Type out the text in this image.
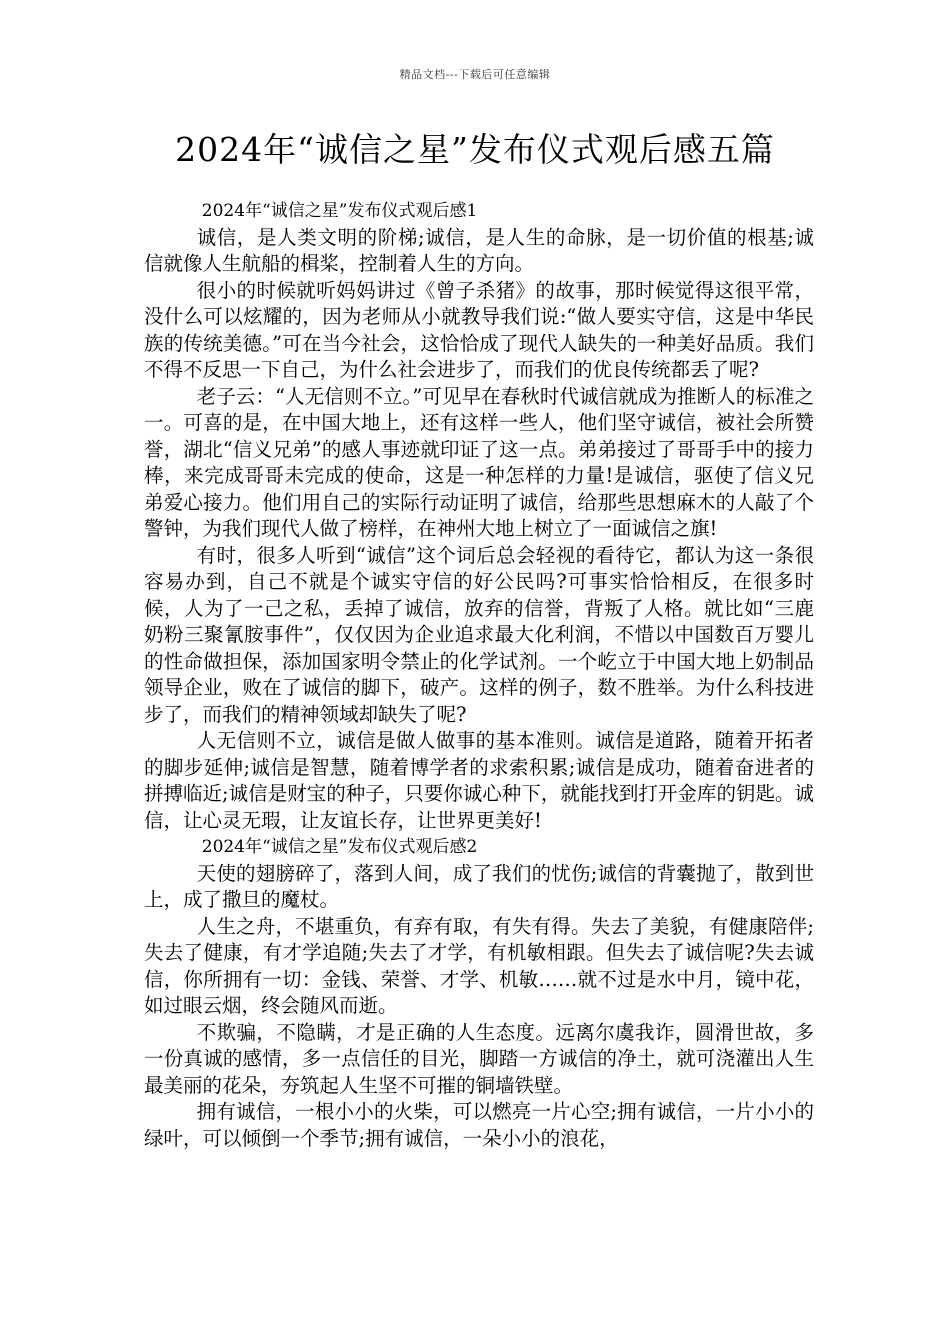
精品文档---下载后可任意编辑
2024年“诚信之星”发布仪式观后感五篇

2024年“诚信之星”发布仪式观后感1

诚信，是人类文明的阶梯;诚信，是人生的命脉，是一切价值的根基;诚信就像人生航船的楫桨，控制着人生的方向。

很小的时候就听妈妈讲过《曾子杀猪》的故事，那时候觉得这很平常，没什么可以炫耀的，因为老师从小就教导我们说:“做人要实守信，这是中华民族的传统美德。”可在当今社会，这恰恰成了现代人缺失的一种美好品质。我们不得不反思一下自己，为什么社会进步了，而我们的优良传统都丢了呢?

老子云：“人无信则不立。”可见早在春秋时代诚信就成为推断人的标准之一。可喜的是，在中国大地上，还有这样一些人，他们坚守诚信，被社会所赞誉，湖北“信义兄弟”的感人事迹就印证了这一点。弟弟接过了哥哥手中的接力棒，来完成哥哥未完成的使命，这是一种怎样的力量!是诚信，驱使了信义兄弟爱心接力。他们用自己的实际行动证明了诚信，给那些思想麻木的人敲了个警钟，为我们现代人做了榜样，在神州大地上树立了一面诚信之旗!

有时，很多人听到“诚信”这个词后总会轻视的看待它，都认为这一条很容易办到，自己不就是个诚实守信的好公民吗?可事实恰恰相反，在很多时候，人为了一己之私，丢掉了诚信，放弃的信誉，背叛了人格。就比如“三鹿奶粉三聚氰胺事件”，仅仅因为企业追求最大化利润，不惜以中国数百万婴儿的性命做担保，添加国家明令禁止的化学试剂。一个屹立于中国大地上奶制品领导企业，败在了诚信的脚下，破产。这样的例子，数不胜举。为什么科技进步了，而我们的精神领域却缺失了呢?

人无信则不立，诚信是做人做事的基本准则。诚信是道路，随着开拓者的脚步延伸;诚信是智慧，随着博学者的求索积累;诚信是成功，随着奋进者的拼搏临近;诚信是财宝的种子，只要你诚心种下，就能找到打开金库的钥匙。诚信，让心灵无瑕，让友谊长存，让世界更美好!

2024年“诚信之星”发布仪式观后感2

天使的翅膀碎了，落到人间，成了我们的忧伤;诚信的背囊抛了，散到世上，成了撒旦的魔杖。

人生之舟，不堪重负，有弃有取，有失有得。失去了美貌，有健康陪伴;失去了健康，有才学追随;失去了才学，有机敏相跟。但失去了诚信呢?失去诚信，你所拥有一切：金钱、荣誉、才学、机敏……就不过是水中月，镜中花，如过眼云烟，终会随风而逝。

不欺骗，不隐瞒，才是正确的人生态度。远离尔虞我诈，圆滑世故，多一份真诚的感情，多一点信任的目光，脚踏一方诚信的净土，就可浇灌出人生最美丽的花朵，夯筑起人生坚不可摧的铜墙铁壁。

拥有诚信，一根小小的火柴，可以燃亮一片心空;拥有诚信，一片小小的绿叶，可以倾倒一个季节;拥有诚信，一朵小小的浪花，
